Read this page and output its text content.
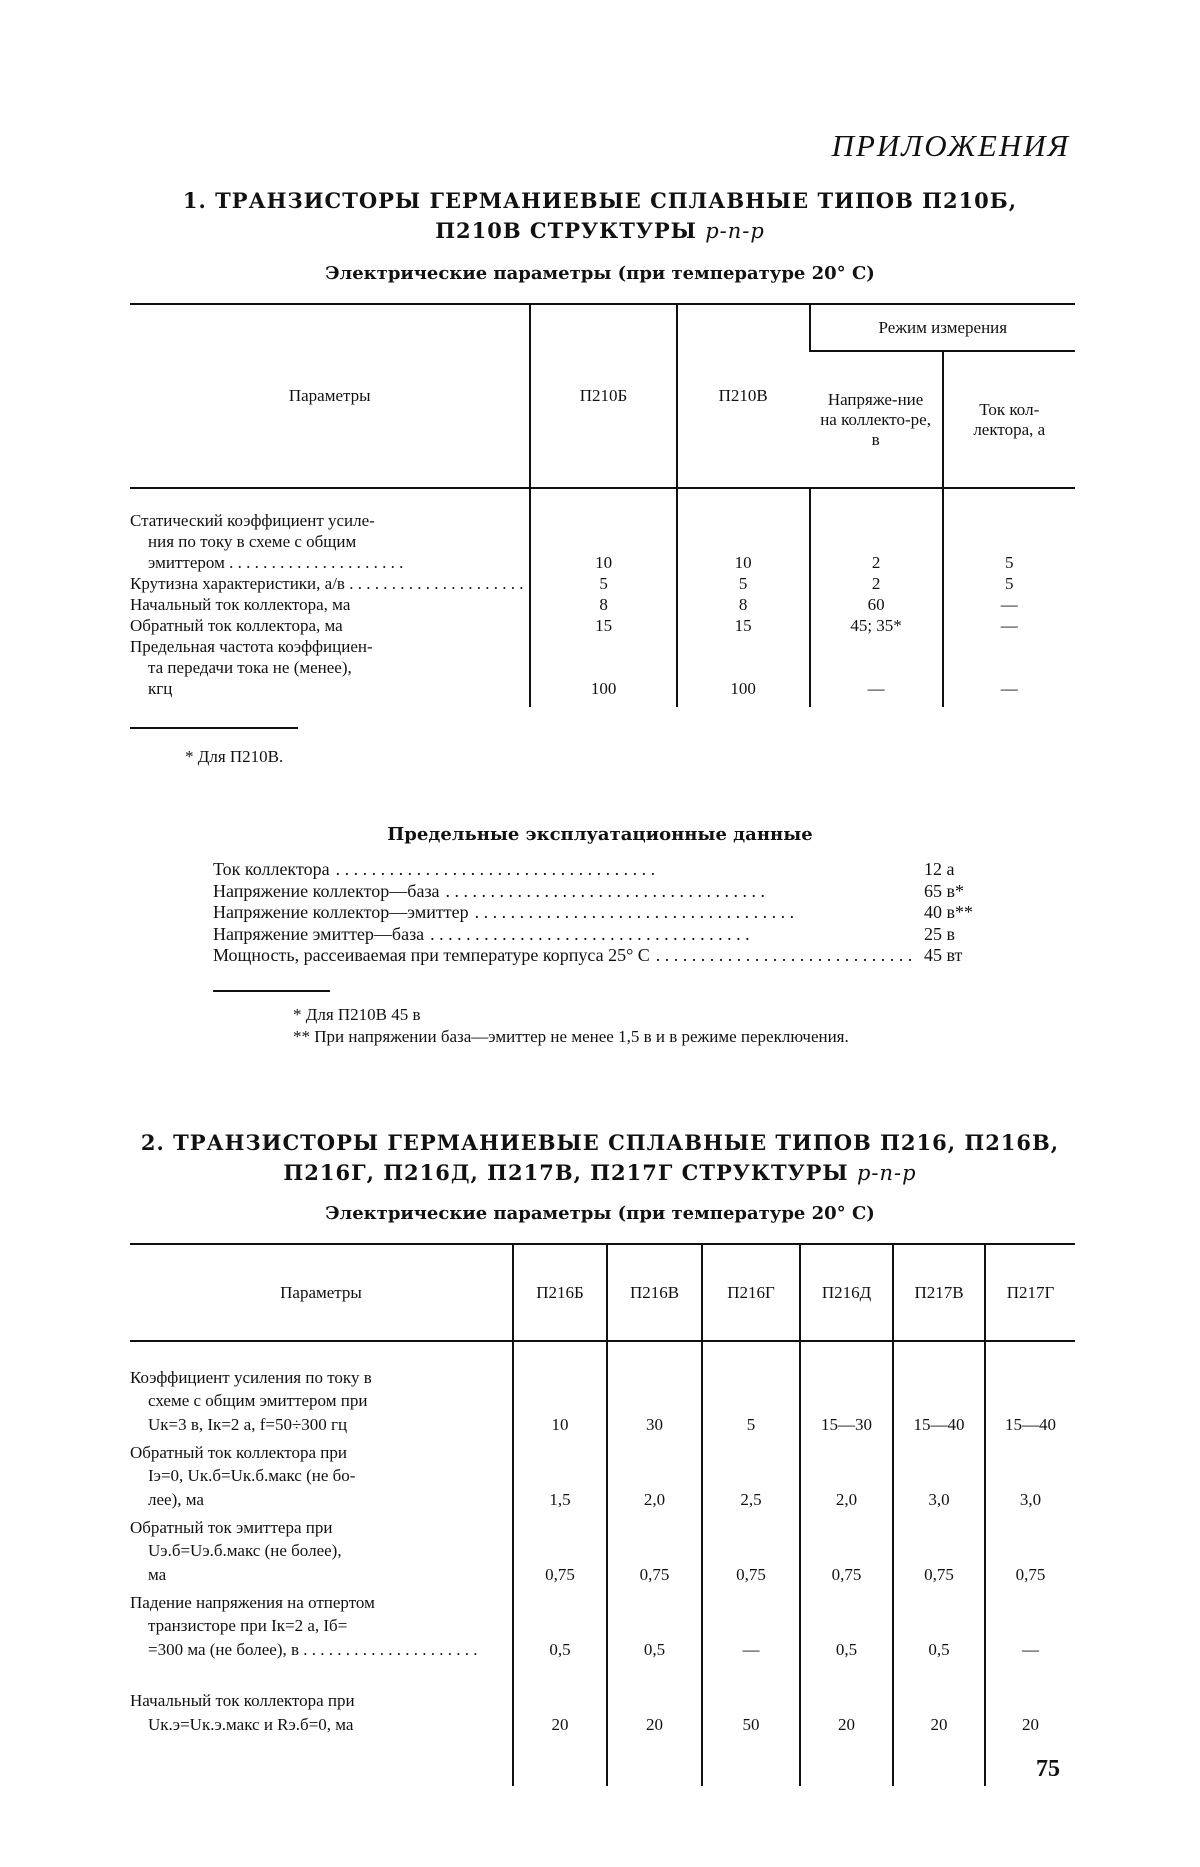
ПРИЛОЖЕНИЯ
1. ТРАНЗИСТОРЫ ГЕРМАНИЕВЫЕ СПЛАВНЫЕ ТИПОВ П210Б,
П210В СТРУКТУРЫ p-n-p
Электрические параметры (при температуре 20° С)
Параметры	П210Б	П210В	Режим измерения
Напряже-ние на коллекто-ре, в	Ток кол-лектора, а

Статический коэффициент усиле-
ния по току в схеме с общим
эмиттером . . .	10	10	2	5

Крутизна характеристики, а/в . . .	5	5	2	5

Начальный ток коллектора, ма	8	8	60	—

Обратный ток коллектора, ма	15	15	45; 35*	—

Предельная частота коэффициен-
та передачи тока не (менее),
кгц	100	100	—	—

* Для П210В.
Предельные эксплуатационные данные
Ток коллектора
. . .	12 а
Напряжение коллектор—база
. . .	65 в*
Напряжение коллектор—эмиттер
. . .	40 в**
Напряжение эмиттер—база
. . .	25 в
Мощность, рассеиваемая при температуре корпуса 25° С
. . .	45 вт
* Для П210В 45 в
** При напряжении база—эмиттер не менее 1,5 в и в режиме переключения.
2. ТРАНЗИСТОРЫ ГЕРМАНИЕВЫЕ СПЛАВНЫЕ ТИПОВ П216, П216В,
П216Г, П216Д, П217В, П217Г СТРУКТУРЫ p-n-p
Электрические параметры (при температуре 20° С)
Параметры	П216Б	П216В	П216Г	П216Д	П217В	П217Г

Коэффициент усиления по току в
схеме с общим эмиттером при
Uк=3 в, Iк=2 а, f=50÷300 гц	10	30	5	15—30	15—40	15—40

Обратный ток коллектора при
Iэ=0, Uк.б=Uк.б.макс (не бо-
лее), ма	1,5	2,0	2,5	2,0	3,0	3,0

Обратный ток эмиттера при
Uэ.б=Uэ.б.макс (не более),
ма	0,75	0,75	0,75	0,75	0,75	0,75

Падение напряжения на отпертом
транзисторе при Iк=2 а, Iб=
=300 ма (не более), в . . .	0,5	0,5	—	0,5	0,5	—

Начальный ток коллектора при
Uк.э=Uк.э.макс и Rэ.б=0, ма	20	20	50	20	20	20

75
